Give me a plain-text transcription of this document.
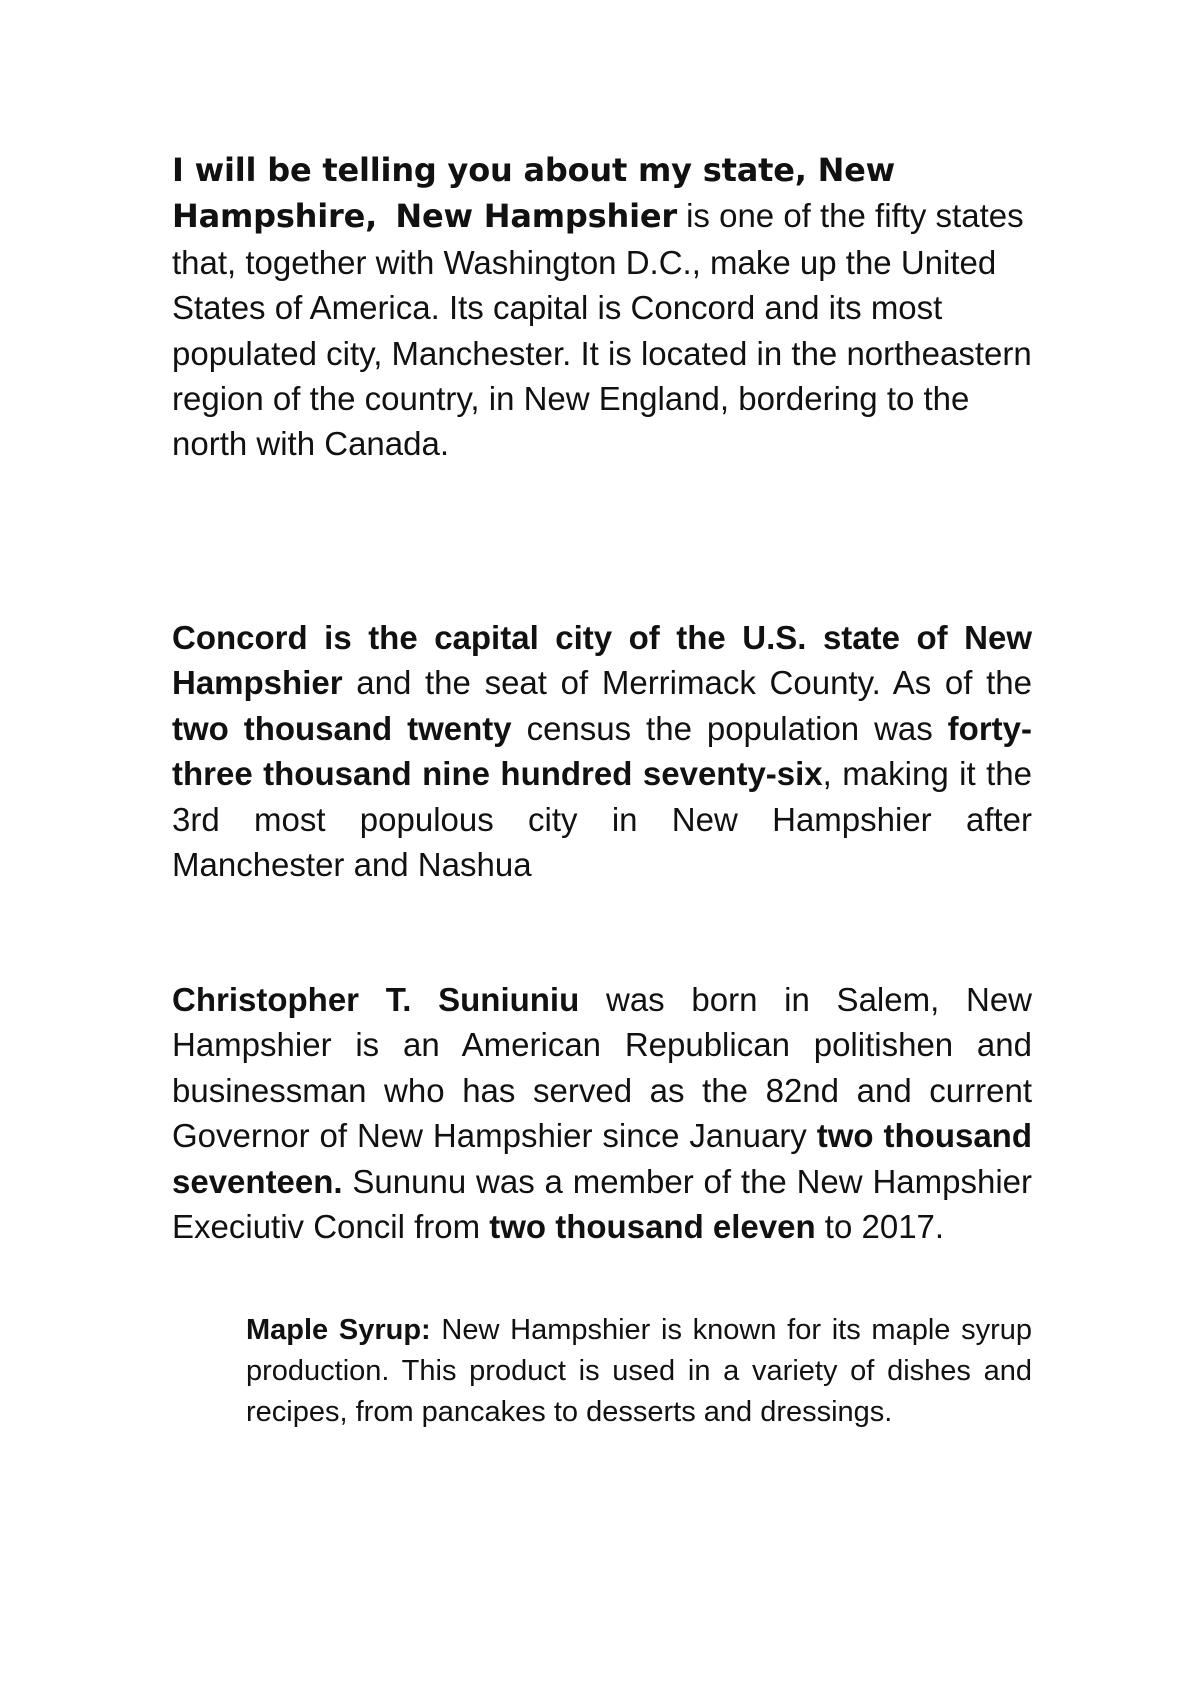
I will be telling you about my state, New Hampshire, New Hampshier is one of the fifty states that, together with Washington D.C., make up the United States of America. Its capital is Concord and its most populated city, Manchester. It is located in the northeastern region of the country, in New England, bordering to the north with Canada.

Concord is the capital city of the U.S. state of New Hampshier and the seat of Merrimack County. As of the two thousand twenty census the population was forty-three thousand nine hundred seventy-six, making it the 3rd most populous city in New Hampshier after Manchester and Nashua

Christopher T. Suniuniu was born in Salem, New Hampshier is an American Republican politishen and businessman who has served as the 82nd and current Governor of New Hampshier since January two thousand seventeen. Sununu was a member of the New Hampshier Execiutiv Concil from two thousand eleven to 2017.

Maple Syrup: New Hampshier is known for its maple syrup production. This product is used in a variety of dishes and recipes, from pancakes to desserts and dressings.
